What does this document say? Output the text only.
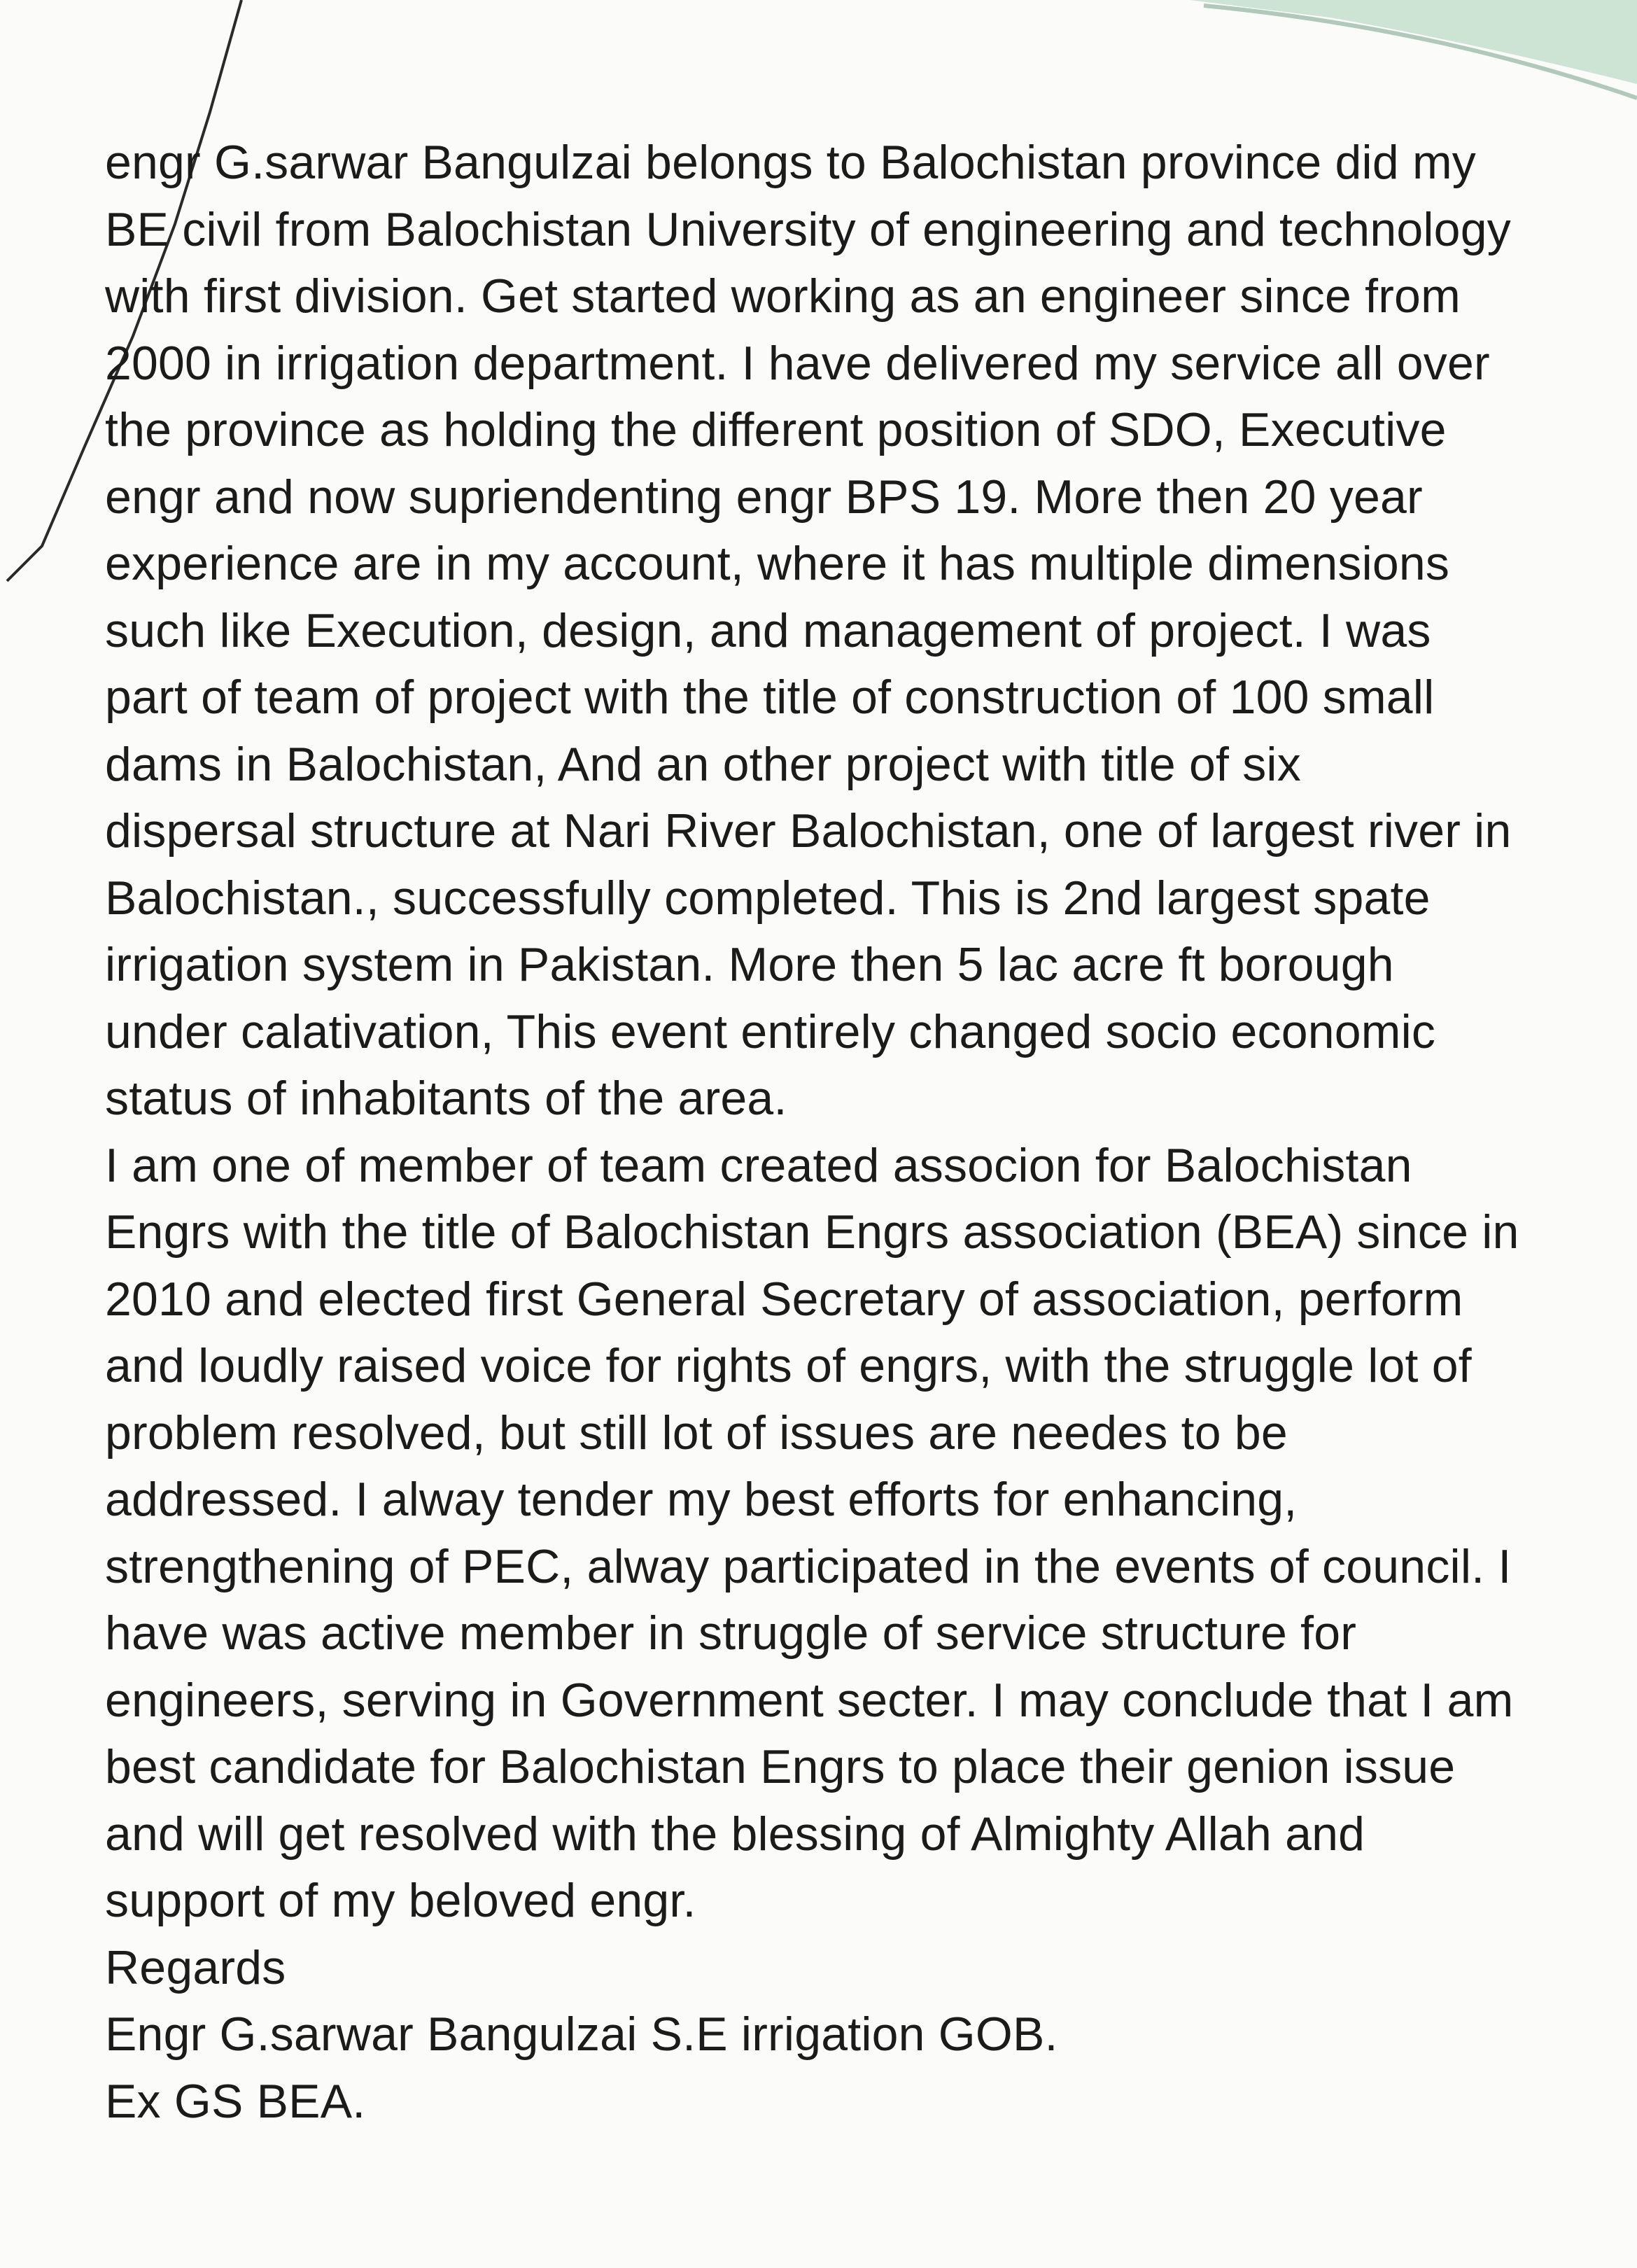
engr G.sarwar Bangulzai belongs to Balochistan province did my
BE civil from Balochistan University of engineering and technology
with first division. Get started working as an engineer since from
2000 in irrigation department. I have delivered my service all over
the province as holding the different position of SDO, Executive
engr and now supriendenting engr BPS 19. More then 20 year
experience are in my account, where it has multiple dimensions
such like Execution, design, and management of project. I was
part of team of project with the title of construction of 100 small
dams in Balochistan, And an other project with title of six
dispersal structure at Nari River Balochistan, one of largest river in
Balochistan., successfully completed. This is 2nd largest spate
irrigation system in Pakistan. More then 5 lac acre ft borough
under calativation, This event entirely changed socio economic
status of inhabitants of the area.
I am one of member of team created associon for Balochistan
Engrs with the title of Balochistan Engrs association (BEA) since in
2010 and elected first General Secretary of association, perform
and loudly raised voice for rights of engrs, with the struggle lot of
problem resolved, but still lot of issues are needes to be
addressed. I alway tender my best efforts for enhancing,
strengthening of PEC, alway participated in the events of council. I
have was active member in struggle of service structure for
engineers, serving in Government secter. I may conclude that I am
best candidate for Balochistan Engrs to place their genion issue
and will get resolved with the blessing of Almighty Allah and
support of my beloved engr.
Regards
Engr G.sarwar Bangulzai S.E irrigation GOB.
Ex GS BEA.
